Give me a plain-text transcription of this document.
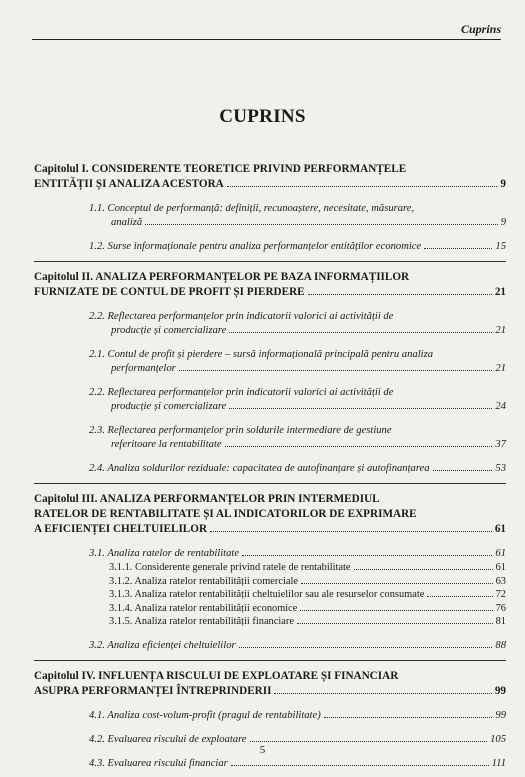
Cuprins
CUPRINS
Capitolul I. CONSIDERENTE TEORETICE PRIVIND PERFORMANȚELE
ENTITĂȚII ȘI ANALIZA ACESTORA	9
1.1. Conceptul de performanță: definiții, recunoaștere, necesitate, măsurare,
analiză	9
1.2. Surse informaționale pentru analiza performanțelor entităților economice	15
Capitolul II. ANALIZA PERFORMANȚELOR PE BAZA INFORMAȚIILOR
FURNIZATE DE CONTUL DE PROFIT ȘI PIERDERE	21
2.2. Reflectarea performanțelor prin indicatorii valorici ai activității de
producție și comercializare	21
2.1. Contul de profit și pierdere – sursă informațională principală pentru analiza
performanțelor	21
2.2. Reflectarea performanțelor prin indicatorii valorici ai activității de
producție și comercializare	24
2.3. Reflectarea performanțelor prin soldurile intermediare de gestiune
referitoare la rentabilitate	37
2.4. Analiza soldurilor reziduale: capacitatea de autofinanțare și autofinanțarea	53
Capitolul III. ANALIZA PERFORMANȚELOR PRIN INTERMEDIUL
RATELOR DE RENTABILITATE ȘI AL INDICATORILOR DE EXPRIMARE
A EFICIENȚEI CHELTUIELILOR	61
3.1. Analiza ratelor de rentabilitate	61
3.1.1. Considerente generale privind ratele de rentabilitate	61
3.1.2. Analiza ratelor rentabilității comerciale	63
3.1.3. Analiza ratelor rentabilității cheltuielilor sau ale resurselor consumate	72
3.1.4. Analiza ratelor rentabilității economice	76
3.1.5. Analiza ratelor rentabilității financiare	81
3.2. Analiza eficienței cheltuielilor	88
Capitolul IV. INFLUENȚA RISCULUI DE EXPLOATARE ȘI FINANCIAR
ASUPRA PERFORMANȚEI ÎNTREPRINDERII	99
4.1. Analiza cost-volum-profit (pragul de rentabilitate)	99
4.2. Evaluarea riscului de exploatare	105
4.3. Evaluarea riscului financiar	111
5
